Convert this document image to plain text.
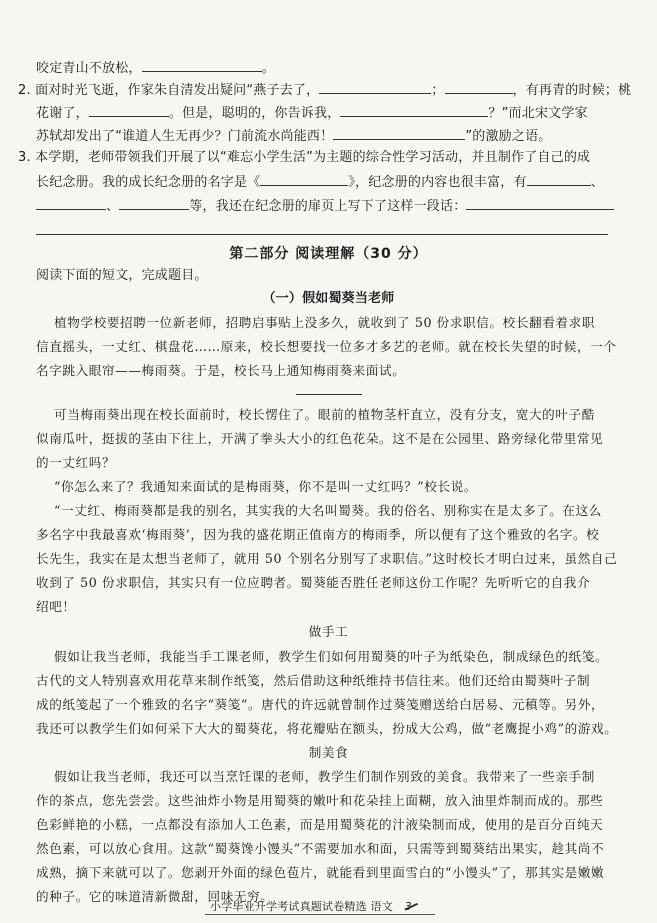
咬定青山不放松，	。
2. 面对时光飞逝，作家朱自清发出疑问“燕子去了，	；	，有再青的时候；桃
花谢了，	。但是，聪明的，你告诉我，	？”而北宋文学家
苏轼却发出了“谁道人生无再少？门前流水尚能西！	”的激励之语。
3. 本学期，老师带领我们开展了以“难忘小学生活”为主题的综合性学习活动，并且制作了自己的成
长纪念册。我的成长纪念册的名字是《	》，纪念册的内容也很丰富，有	、
、	等，我还在纪念册的扉页上写下了这样一段话：
第二部分 阅读理解（30 分）
阅读下面的短文，完成题目。
（一）假如蜀葵当老师
植物学校要招聘一位新老师，招聘启事贴上没多久，就收到了 50 份求职信。校长翻看着求职
信直摇头，一丈红、棋盘花……原来，校长想要找一位多才多艺的老师。就在校长失望的时候，一个
名字跳入眼帘——梅雨葵。于是，校长马上通知梅雨葵来面试。
可当梅雨葵出现在校长面前时，校长愣住了。眼前的植物茎杆直立，没有分支，宽大的叶子酷
似南瓜叶，挺拔的茎由下往上，开满了拳头大小的红色花朵。这不是在公园里、路旁绿化带里常见
的一丈红吗？
“你怎么来了？我通知来面试的是梅雨葵，你不是叫一丈红吗？”校长说。
“一丈红、梅雨葵都是我的别名，其实我的大名叫蜀葵。我的俗名、别称实在是太多了。在这么
多名字中我最喜欢‘梅雨葵’，因为我的盛花期正值南方的梅雨季，所以便有了这个雅致的名字。校
长先生，我实在是太想当老师了，就用 50 个别名分别写了求职信。”这时校长才明白过来，虽然自己
收到了 50 份求职信，其实只有一位应聘者。蜀葵能否胜任老师这份工作呢？先听听它的自我介
绍吧！
做手工
假如让我当老师，我能当手工课老师，教学生们如何用蜀葵的叶子为纸染色，制成绿色的纸笺。
古代的文人特别喜欢用花草来制作纸笺，然后借助这种纸维持书信往来。他们还给由蜀葵叶子制
成的纸笺起了一个雅致的名字“葵笺”。唐代的许远就曾制作过葵笺赠送给白居易、元稹等。另外，
我还可以教学生们如何采下大大的蜀葵花，将花瓣贴在额头，扮成大公鸡，做“老鹰捉小鸡”的游戏。
制美食
假如让我当老师，我还可以当烹饪课的老师，教学生们制作别致的美食。我带来了一些亲手制
作的茶点，您先尝尝。这些油炸小物是用蜀葵的嫩叶和花朵挂上面糊，放入油里炸制而成的。那些
色彩鲜艳的小糕，一点都没有添加人工色素，而是用蜀葵花的汁液染制而成，使用的是百分百纯天
然色素，可以放心食用。这款“蜀葵馋小馒头”不需要加水和面，只需等到蜀葵结出果实，趁其尚不
成熟，摘下来就可以了。您剥开外面的绿色苞片，就能看到里面雪白的“小馒头”了，那其实是嫩嫩
的种子。它的味道清新微甜，回味无穷。
小学毕业升学考试真题试卷精选 语文 3
